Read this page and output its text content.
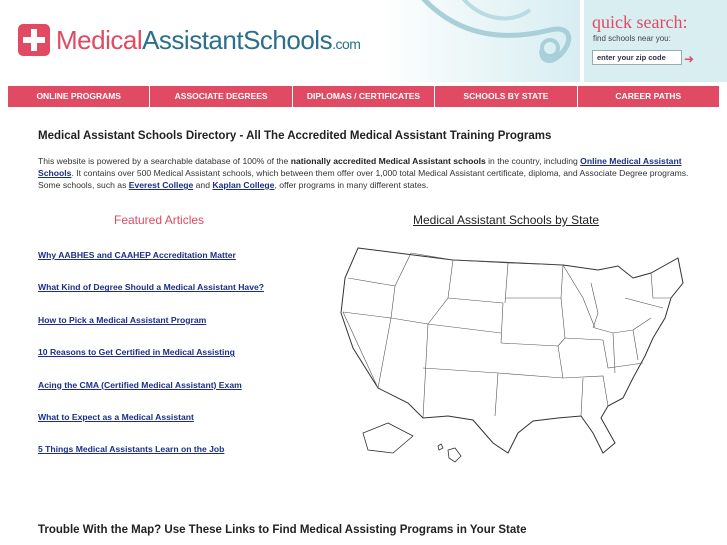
MedicalAssistantSchools.com
quick search:
find schools near you:
enter your zip code	➜
ONLINE PROGRAMS	ASSOCIATE DEGREES	DIPLOMAS / CERTIFICATES	SCHOOLS BY STATE	CAREER PATHS
Medical Assistant Schools Directory - All The Accredited Medical Assistant Training Programs
This website is powered by a searchable database of 100% of the nationally accredited Medical Assistant schools in the country, including Online Medical Assistant Schools. It contains over 500 Medical Assistant schools, which between them offer over 1,000 total Medical Assistant certificate, diploma, and Associate Degree programs. Some schools, such as Everest College and Kaplan College, offer programs in many different states.
Featured Articles
Why AABHES and CAAHEP Accreditation Matter
What Kind of Degree Should a Medical Assistant Have?
How to Pick a Medical Assistant Program
10 Reasons to Get Certified in Medical Assisting
Acing the CMA (Certified Medical Assistant) Exam
What to Expect as a Medical Assistant
5 Things Medical Assistants Learn on the Job
Medical Assistant Schools by State
Trouble With the Map? Use These Links to Find Medical Assisting Programs in Your State
